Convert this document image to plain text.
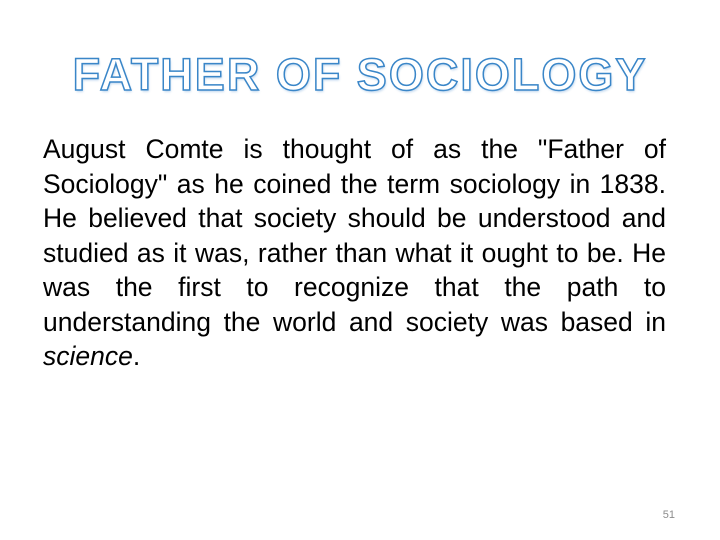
FATHER OF SOCIOLOGY

August Comte is thought of as the "Father of Sociology" as he coined the term sociology in 1838. He believed that society should be understood and studied as it was, rather than what it ought to be. He was the first to recognize that the path to understanding the world and society was based in science.

51
